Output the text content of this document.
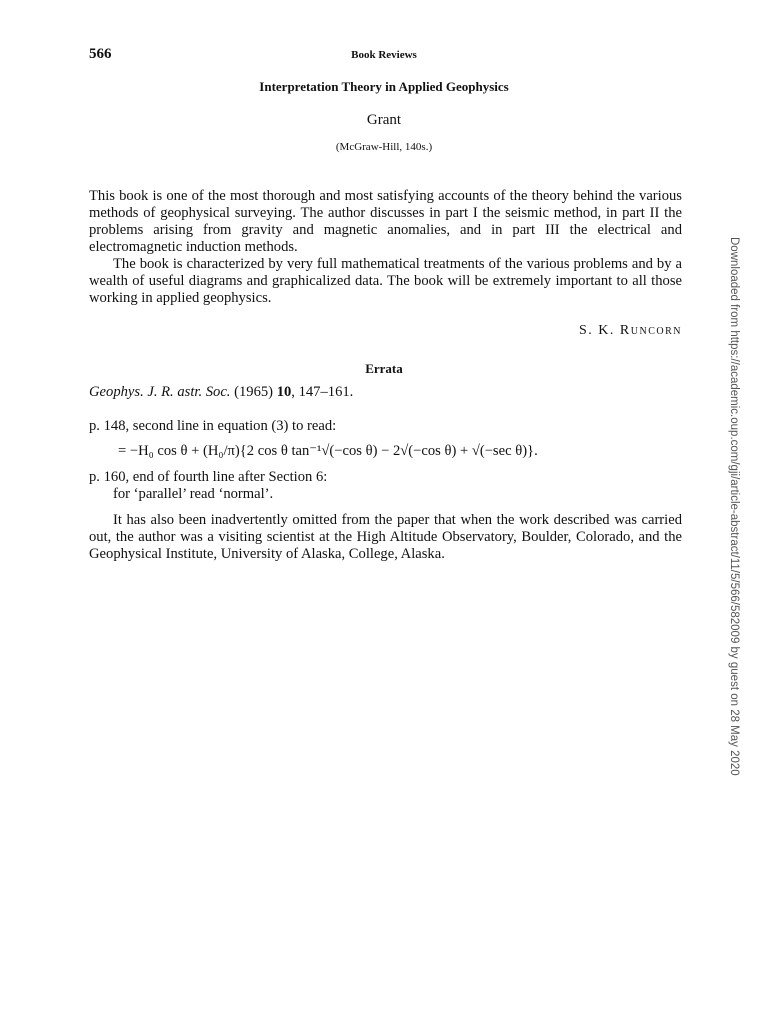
566	Book Reviews
Interpretation Theory in Applied Geophysics
Grant
(McGraw-Hill, 140s.)
This book is one of the most thorough and most satisfying accounts of the theory behind the various methods of geophysical surveying. The author discusses in part I the seismic method, in part II the problems arising from gravity and magnetic anomalies, and in part III the electrical and electromagnetic induction methods.
The book is characterized by very full mathematical treatments of the various problems and by a wealth of useful diagrams and graphicalized data. The book will be extremely important to all those working in applied geophysics.
S. K. Runcorn
Errata
Geophys. J. R. astr. Soc. (1965) 10, 147–161.
p. 148, second line in equation (3) to read:
= −H₀ cos θ + (H₀/π){2 cos θ tan⁻¹√(−cos θ) − 2√(−cos θ) + √(−sec θ)}.
p. 160, end of fourth line after Section 6:
for ‘parallel’ read ‘normal’.
It has also been inadvertently omitted from the paper that when the work described was carried out, the author was a visiting scientist at the High Altitude Observatory, Boulder, Colorado, and the Geophysical Institute, University of Alaska, College, Alaska.	Downloaded from https://academic.oup.com/gji/article-abstract/11/5/566/582009 by guest on 28 May 2020
